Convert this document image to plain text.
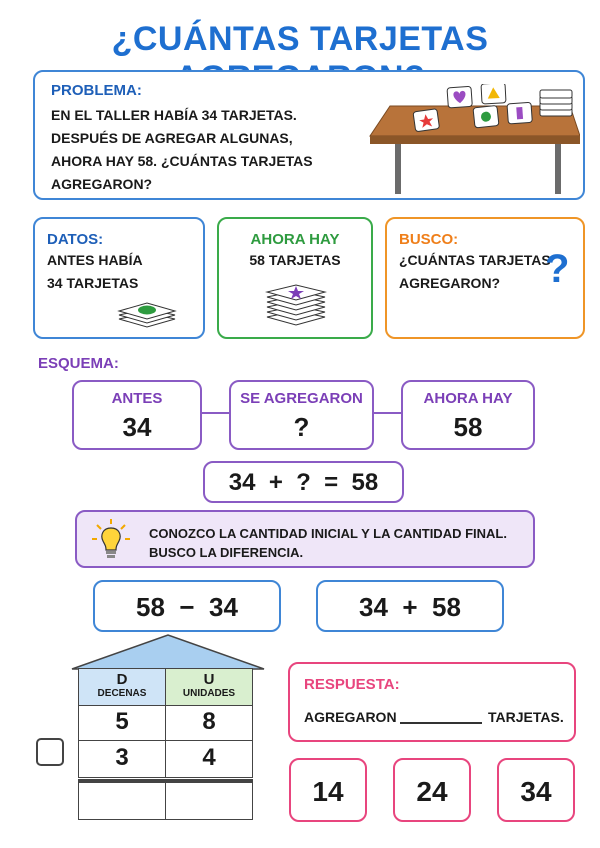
¿CUÁNTAS TARJETAS
PROBLEMA:
EN EL TALLER HABÍA 34 TARJETAS.
DESPUÉS DE AGREGAR ALGUNAS,
AHORA HAY 58. ¿CUÁNTAS TARJETAS
AGREGARON?
DATOS:
ANTES HABÍA
34 TARJETAS
AHORA HAY
58 TARJETAS
BUSCO:
¿CUÁNTAS TARJETAS
AGREGARON?	?
ESQUEMA:
ANTES
34
SE AGREGARON
?
AHORA HAY
58
34  +  ?  =  58
CONOZCO LA CANTIDAD INICIAL Y LA CANTIDAD FINAL.
BUSCO LA DIFERENCIA.
58  −  34	34  +  58
D
DECENAS
U
UNIDADES
5	8
3	4
RESPUESTA:
AGREGARON	TARJETAS.
14	24	34
